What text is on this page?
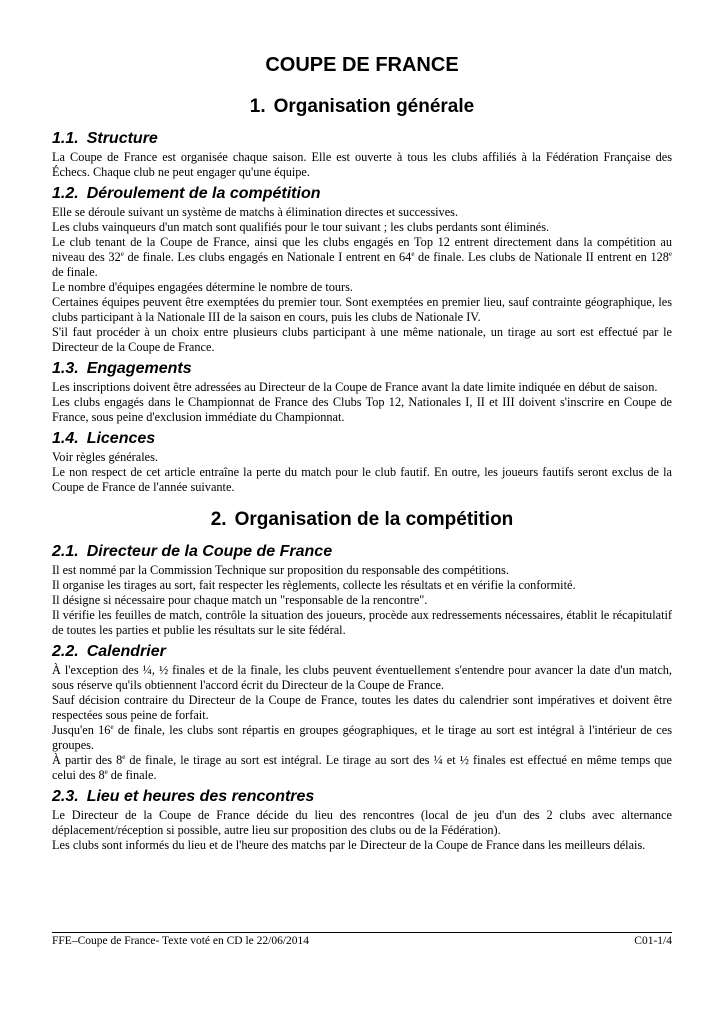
COUPE DE FRANCE
1. Organisation générale
1.1. Structure

La Coupe de France est organisée chaque saison. Elle est ouverte à tous les clubs affiliés à la Fédération Française des Échecs. Chaque club ne peut engager qu'une équipe.

1.2. Déroulement de la compétition

Elle se déroule suivant un système de matchs à élimination directes et successives.

Les clubs vainqueurs d'un match sont qualifiés pour le tour suivant ; les clubs perdants sont éliminés.

Le club tenant de la Coupe de France, ainsi que les clubs engagés en Top 12 entrent directement dans la compétition au niveau des 32e de finale. Les clubs engagés en Nationale I entrent en 64e de finale. Les clubs de Nationale II entrent en 128e de finale.

Le nombre d'équipes engagées détermine le nombre de tours.

Certaines équipes peuvent être exemptées du premier tour. Sont exemptées en premier lieu, sauf contrainte géographique, les clubs participant à la Nationale III de la saison en cours, puis les clubs de Nationale IV.

S'il faut procéder à un choix entre plusieurs clubs participant à une même nationale, un tirage au sort est effectué par le Directeur de la Coupe de France.

1.3. Engagements

Les inscriptions doivent être adressées au Directeur de la Coupe de France avant la date limite indiquée en début de saison.

Les clubs engagés dans le Championnat de France des Clubs Top 12, Nationales I, II et III doivent s'inscrire en Coupe de France, sous peine d'exclusion immédiate du Championnat.

1.4. Licences

Voir règles générales.

Le non respect de cet article entraîne la perte du match pour le club fautif. En outre, les joueurs fautifs seront exclus de la Coupe de France de l'année suivante.

2. Organisation de la compétition
2.1. Directeur de la Coupe de France

Il est nommé par la Commission Technique sur proposition du responsable des compétitions.

Il organise les tirages au sort, fait respecter les règlements, collecte les résultats et en vérifie la conformité.

Il désigne si nécessaire pour chaque match un "responsable de la rencontre".

Il vérifie les feuilles de match, contrôle la situation des joueurs, procède aux redressements nécessaires, établit le récapitulatif de toutes les parties et publie les résultats sur le site fédéral.

2.2. Calendrier

À l'exception des ¼, ½ finales et de la finale, les clubs peuvent éventuellement s'entendre pour avancer la date d'un match, sous réserve qu'ils obtiennent l'accord écrit du Directeur de la Coupe de France.

Sauf décision contraire du Directeur de la Coupe de France, toutes les dates du calendrier sont impératives et doivent être respectées sous peine de forfait.

Jusqu'en 16e de finale, les clubs sont répartis en groupes géographiques, et le tirage au sort est intégral à l'intérieur de ces groupes.

À partir des 8e de finale, le tirage au sort est intégral. Le tirage au sort des ¼ et ½ finales est effectué en même temps que celui des 8e de finale.

2.3. Lieu et heures des rencontres

Le Directeur de la Coupe de France décide du lieu des rencontres (local de jeu d'un des 2 clubs avec alternance déplacement/réception si possible, autre lieu sur proposition des clubs ou de la Fédération).

Les clubs sont informés du lieu et de l'heure des matchs par le Directeur de la Coupe de France dans les meilleurs délais.

FFE–Coupe de France- Texte voté en CD le 22/06/2014	C01-1/4
